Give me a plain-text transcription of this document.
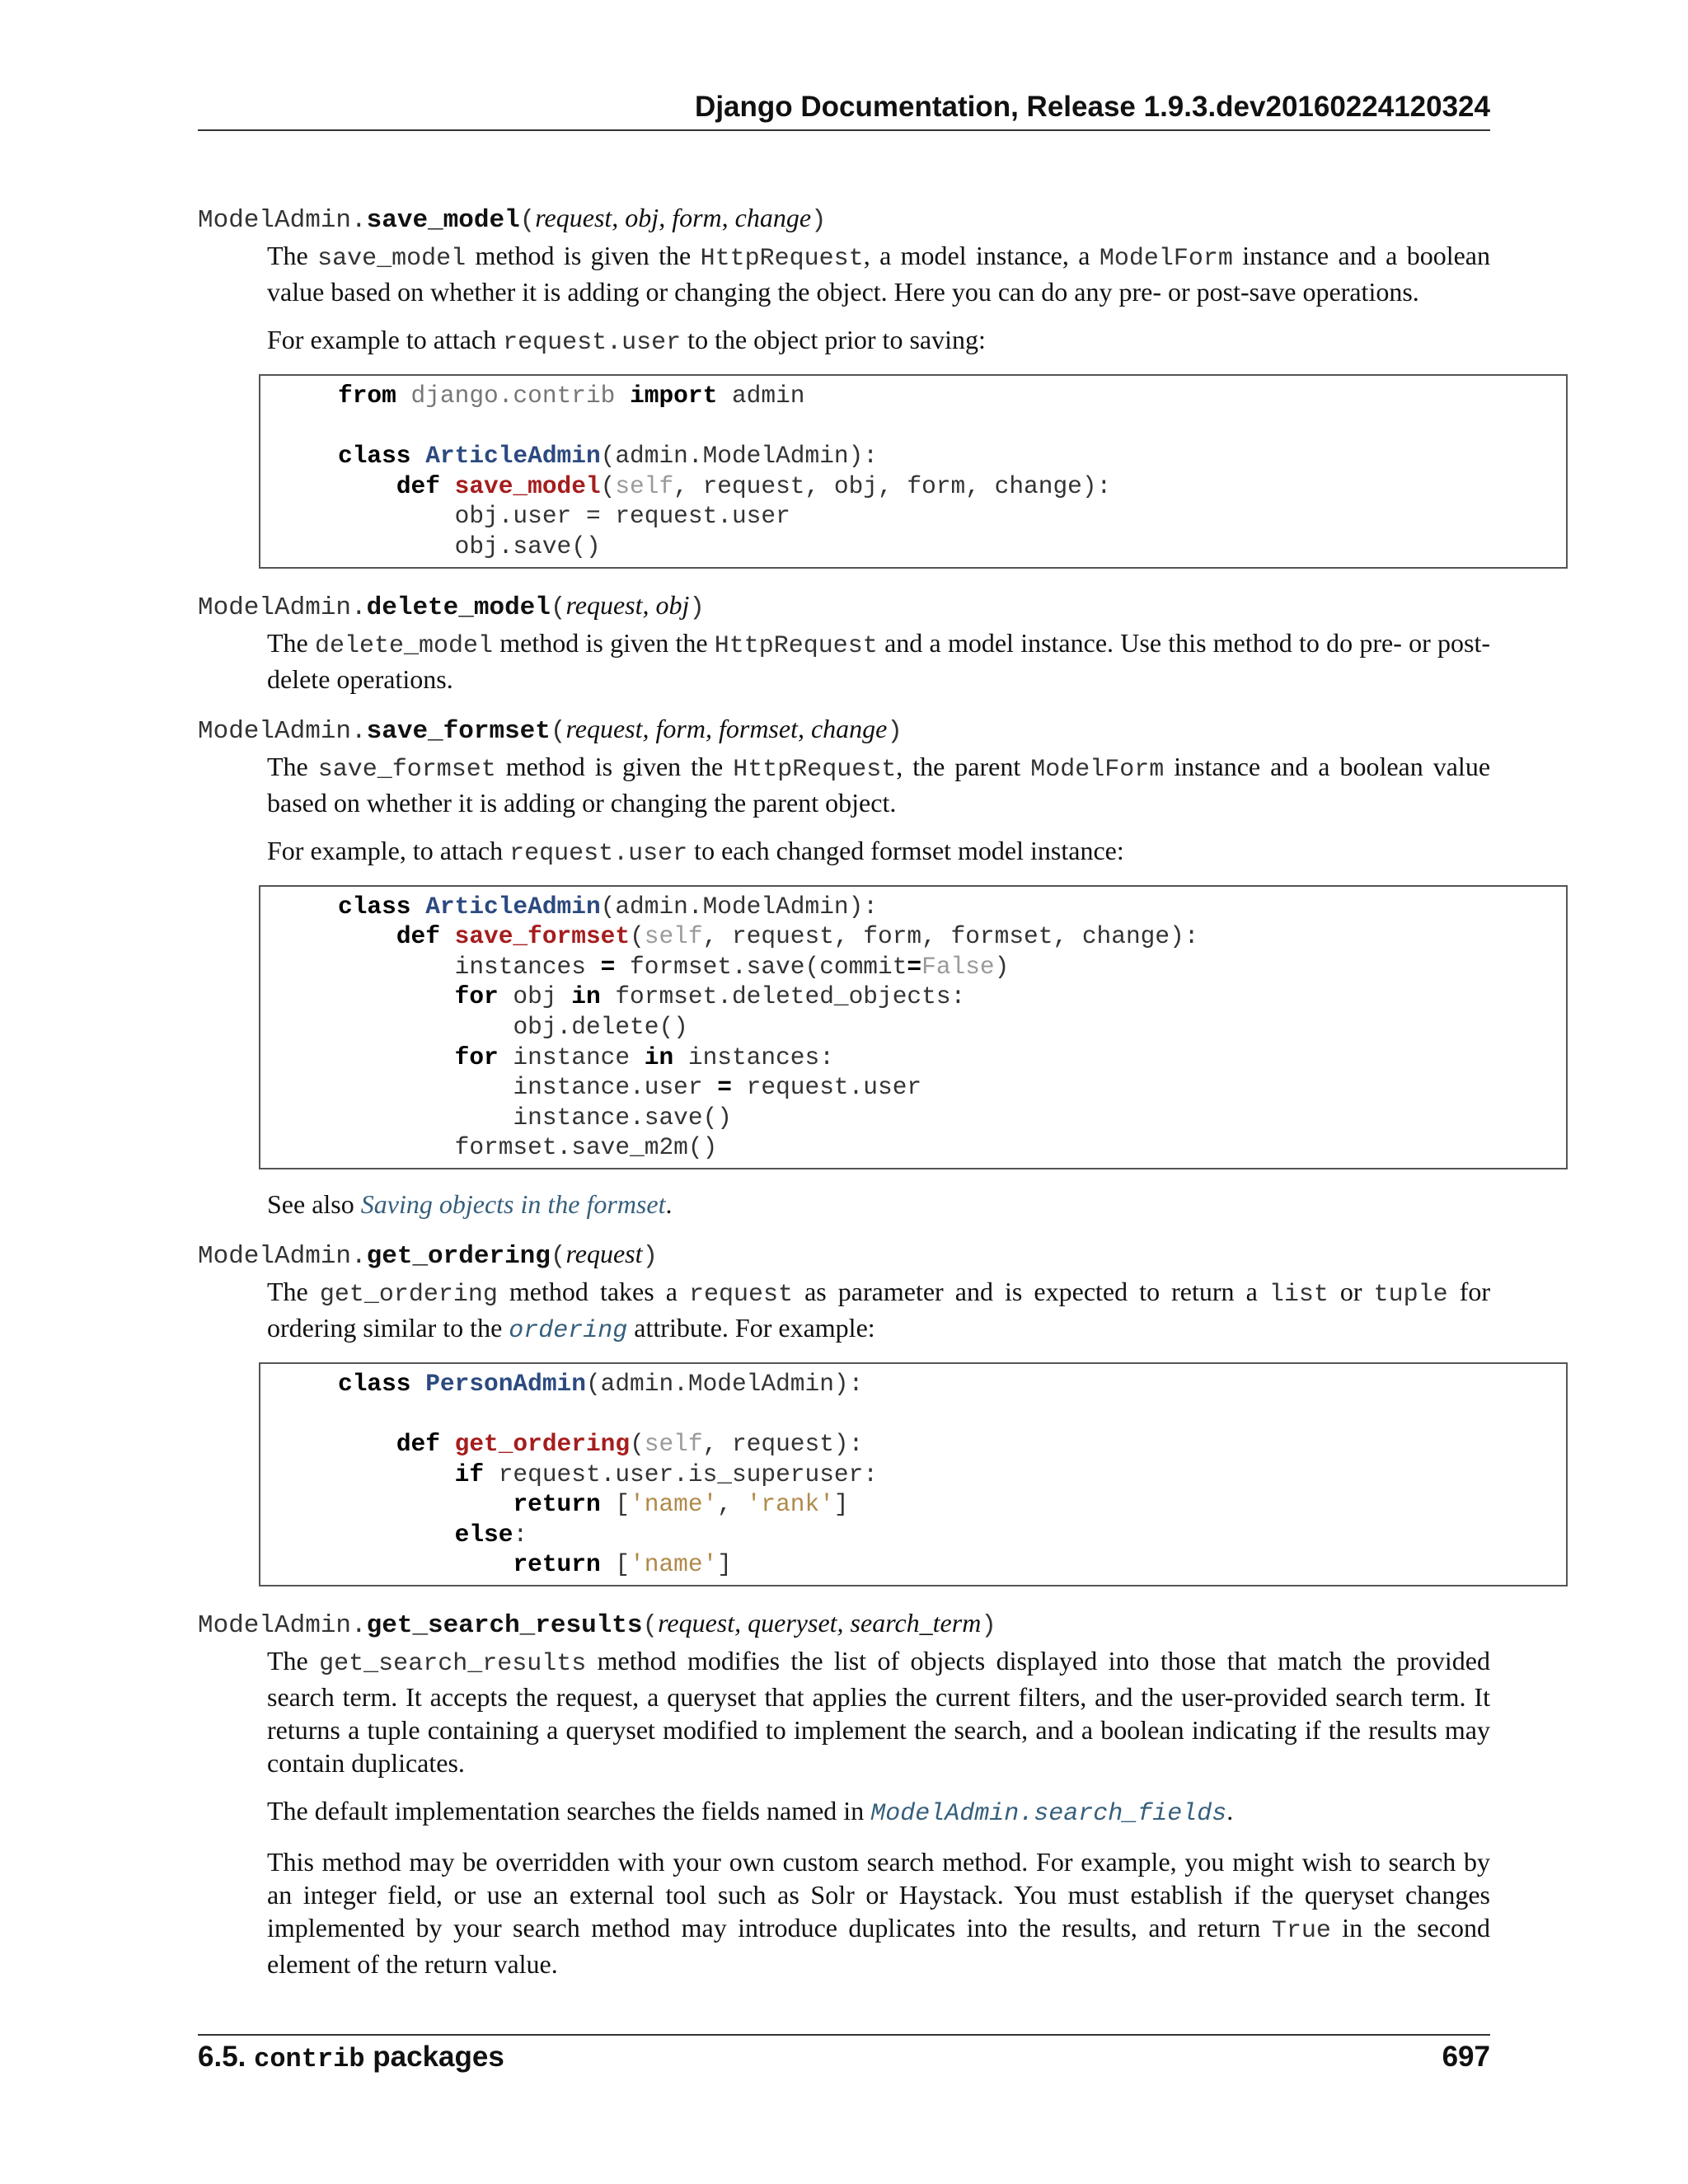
Django Documentation, Release 1.9.3.dev20160224120324
ModelAdmin.save_model(request, obj, form, change)

The save_model method is given the HttpRequest, a model instance, a ModelForm instance and a boolean value based on whether it is adding or changing the object. Here you can do any pre- or post-save operations.

For example to attach request.user to the object prior to saving:

from django.contrib import admin

class ArticleAdmin(admin.ModelAdmin):
def save_model(self, request, obj, form, change):
obj.user = request.user
obj.save()
ModelAdmin.delete_model(request, obj)

The delete_model method is given the HttpRequest and a model instance. Use this method to do pre- or post-delete operations.

ModelAdmin.save_formset(request, form, formset, change)

The save_formset method is given the HttpRequest, the parent ModelForm instance and a boolean value based on whether it is adding or changing the parent object.

For example, to attach request.user to each changed formset model instance:

class ArticleAdmin(admin.ModelAdmin):
def save_formset(self, request, form, formset, change):
instances = formset.save(commit=False)
for obj in formset.deleted_objects:
obj.delete()
for instance in instances:
instance.user = request.user
instance.save()
formset.save_m2m()

See also Saving objects in the formset.

ModelAdmin.get_ordering(request)

The get_ordering method takes a request as parameter and is expected to return a list or tuple for ordering similar to the ordering attribute. For example:

class PersonAdmin(admin.ModelAdmin):

def get_ordering(self, request):
if request.user.is_superuser:
return ['name', 'rank']
else:
return ['name']
ModelAdmin.get_search_results(request, queryset, search_term)

The get_search_results method modifies the list of objects displayed into those that match the provided search term. It accepts the request, a queryset that applies the current filters, and the user-provided search term. It returns a tuple containing a queryset modified to implement the search, and a boolean indicating if the results may contain duplicates.

The default implementation searches the fields named in ModelAdmin.search_fields.

This method may be overridden with your own custom search method. For example, you might wish to search by an integer field, or use an external tool such as Solr or Haystack. You must establish if the queryset changes implemented by your search method may introduce duplicates into the results, and return True in the second element of the return value.

6.5. contrib packages	697
